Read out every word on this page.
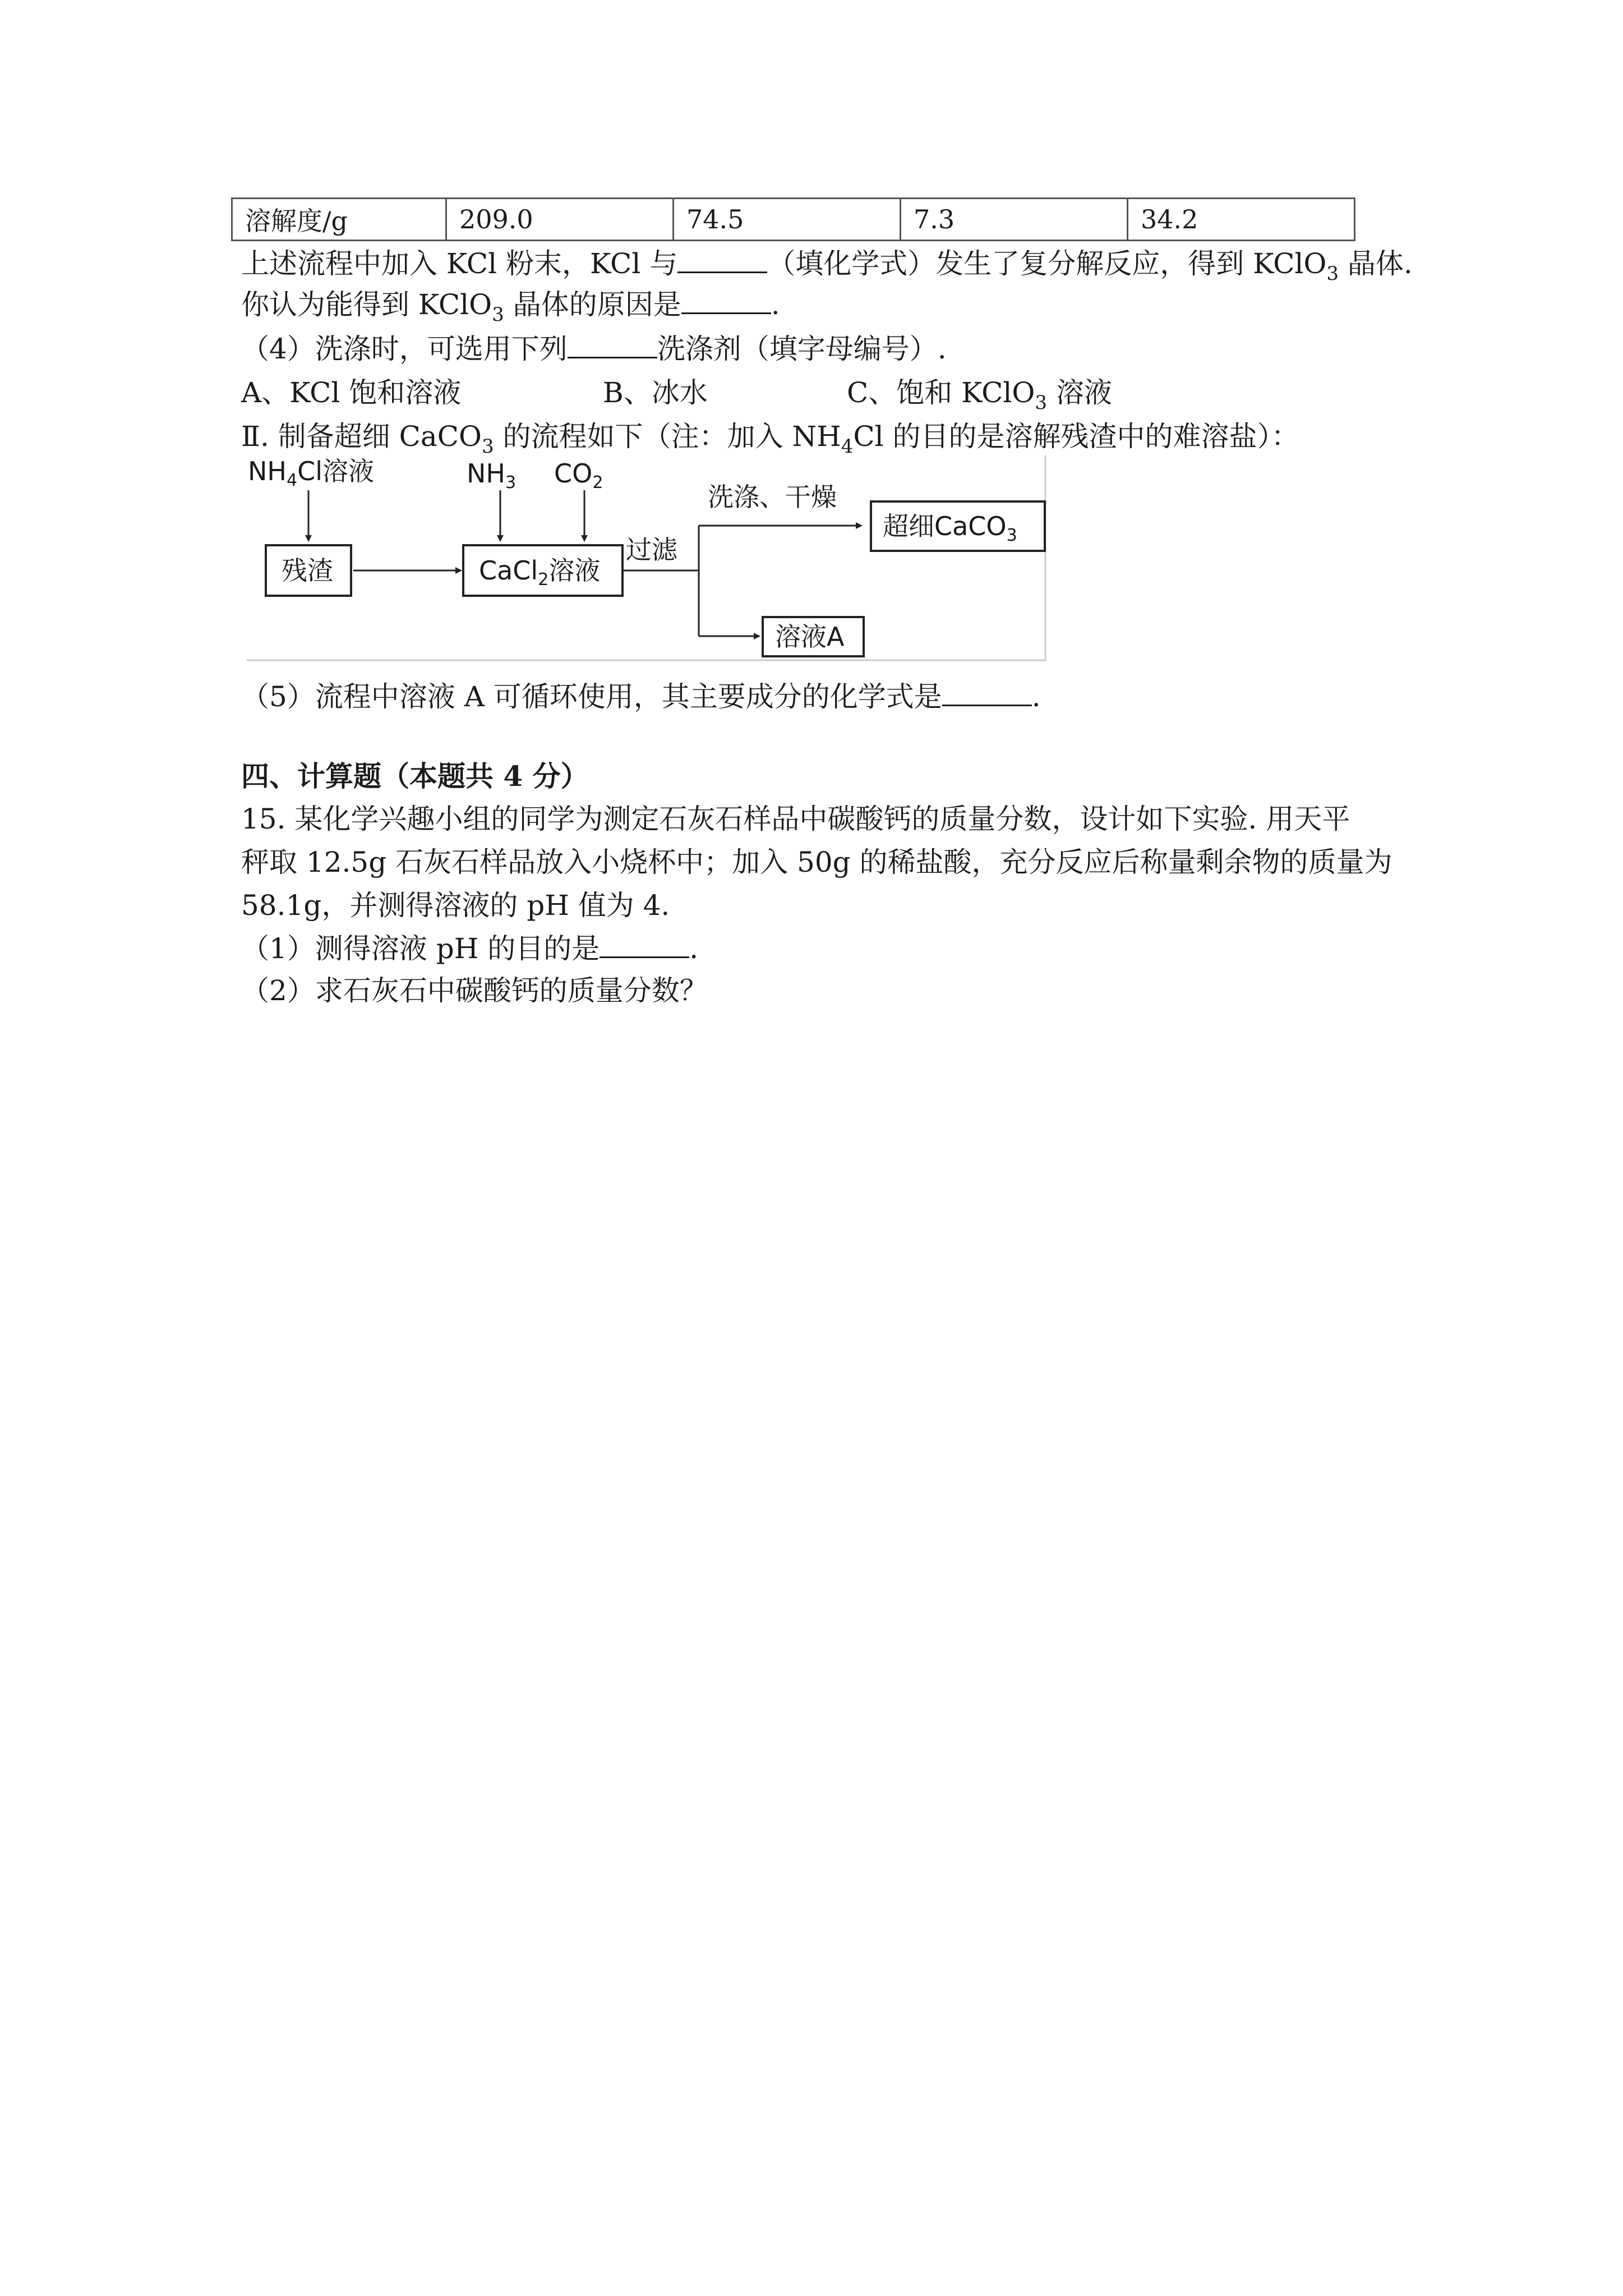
溶解度/g	209.0	74.5	7.3	34.2
上述流程中加入 KCl 粉末，KCl 与	（填化学式）发生了复分解反应，得到 KClO$_3$ 晶体.
你认为能得到 KClO$_3$ 晶体的原因是	.
（4）洗涤时，可选用下列	洗涤剂（填字母编号）.
A、KCl 饱和溶液	B、冰水	C、饱和 KClO$_3$ 溶液
Ⅱ. 制备超细 CaCO$_3$ 的流程如下（注：加入 $NH_4Cl$ 的目的是溶解残渣中的难溶盐）：
$NH_4Cl$溶液	$NH_3$ $CO_2$
残渣	CaCl$_2$溶液
过滤
洗涤、干燥
超细CaCO$_3$
溶液A
（5）流程中溶液 A 可循环使用，其主要成分的化学式是	.
四、计算题（本题共 4 分）
15. 某化学兴趣小组的同学为测定石灰石样品中碳酸钙的质量分数，设计如下实验. 用天平
秤取 12.5g 石灰石样品放入小烧杯中；加入 50g 的稀盐酸，充分反应后称量剩余物的质量为
58.1g，并测得溶液的 pH 值为 4.
（1）测得溶液 pH 的目的是	.
（2）求石灰石中碳酸钙的质量分数？
